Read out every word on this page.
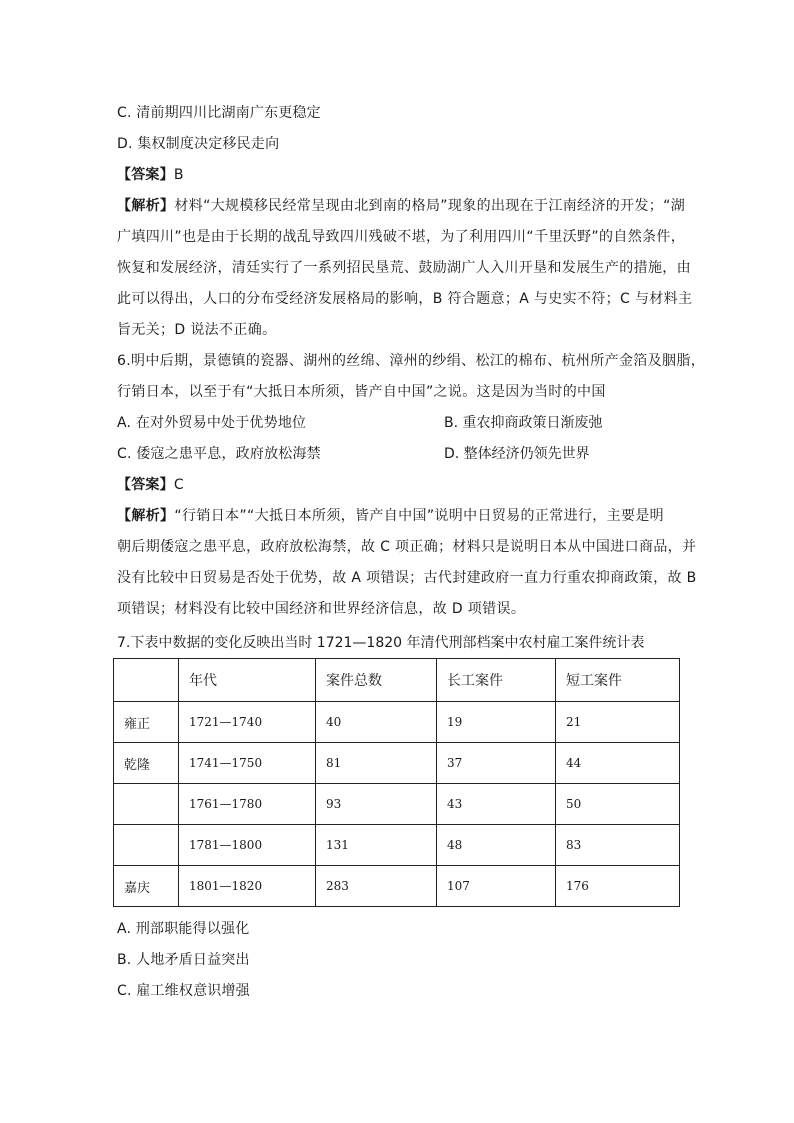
C. 清前期四川比湖南广东更稳定
D. 集权制度决定移民走向
【答案】B
【解析】材料“大规模移民经常呈现由北到南的格局”现象的出现在于江南经济的开发；“湖
广填四川”也是由于长期的战乱导致四川残破不堪，为了利用四川“千里沃野”的自然条件，
恢复和发展经济，清廷实行了一系列招民垦荒、鼓励湖广人入川开垦和发展生产的措施，由
此可以得出，人口的分布受经济发展格局的影响，B 符合题意；A 与史实不符；C 与材料主
旨无关；D 说法不正确。
6.明中后期，景德镇的瓷器、湖州的丝绵、漳州的纱绢、松江的棉布、杭州所产金箔及胭脂，
行销日本，以至于有“大抵日本所须，皆产自中国”之说。这是因为当时的中国
A. 在对外贸易中处于优势地位	B. 重农抑商政策日渐废弛
C. 倭寇之患平息，政府放松海禁	D. 整体经济仍领先世界
【答案】C
【解析】“行销日本”“大抵日本所须，皆产自中国”说明中日贸易的正常进行，主要是明
朝后期倭寇之患平息，政府放松海禁，故 C 项正确；材料只是说明日本从中国进口商品，并
没有比较中日贸易是否处于优势，故 A 项错误；古代封建政府一直力行重农抑商政策，故 B
项错误；材料没有比较中国经济和世界经济信息，故 D 项错误。
7.下表中数据的变化反映出当时 1721—1820 年清代刑部档案中农村雇工案件统计表
	年代	案件总数	长工案件	短工案件
雍正	1721—1740	40	19	21
乾隆	1741—1750	81	37	44
	1761—1780	93	43	50
	1781—1800	131	48	83
嘉庆	1801—1820	283	107	176
A. 刑部职能得以强化
B. 人地矛盾日益突出
C. 雇工维权意识增强
